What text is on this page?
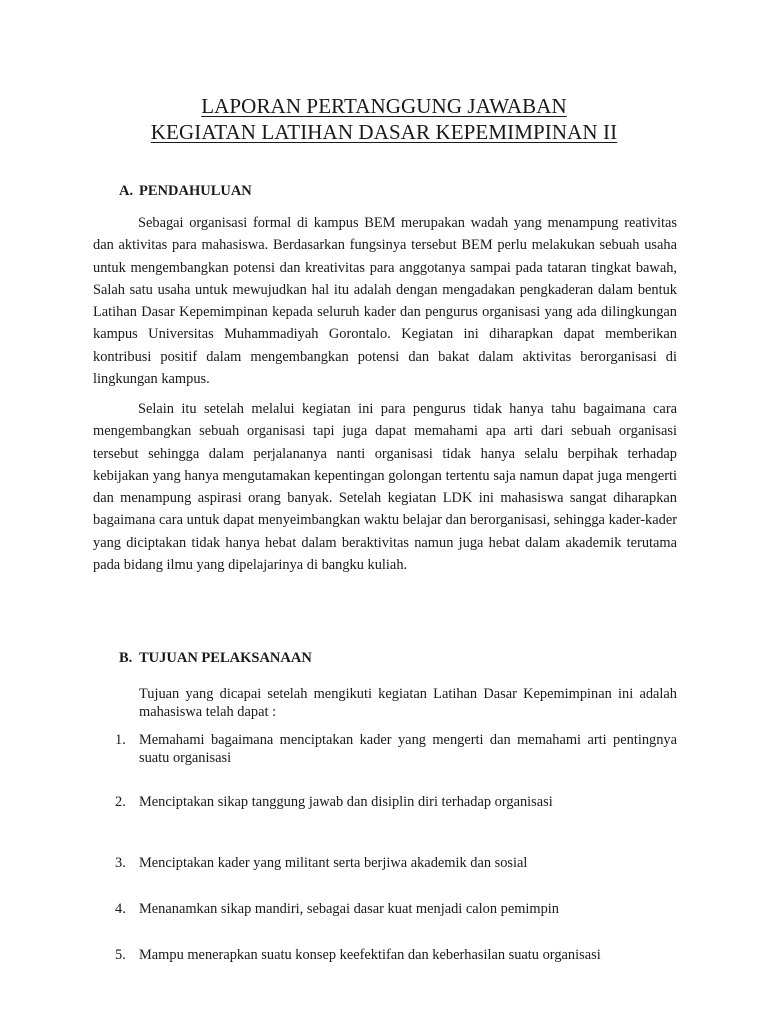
LAPORAN PERTANGGUNG JAWABAN
KEGIATAN LATIHAN DASAR KEPEMIMPINAN II
A. PENDAHULUAN

Sebagai organisasi formal di kampus BEM merupakan wadah yang menampung reativitas dan aktivitas para mahasiswa. Berdasarkan fungsinya tersebut BEM perlu melakukan sebuah usaha untuk mengembangkan potensi dan kreativitas para anggotanya sampai pada tataran tingkat bawah, Salah satu usaha untuk mewujudkan hal itu adalah dengan mengadakan pengkaderan dalam bentuk Latihan Dasar Kepemimpinan kepada seluruh kader dan pengurus organisasi yang ada dilingkungan kampus Universitas Muhammadiyah Gorontalo. Kegiatan ini diharapkan dapat memberikan kontribusi positif dalam mengembangkan potensi dan bakat dalam aktivitas berorganisasi di lingkungan kampus.

Selain itu setelah melalui kegiatan ini para pengurus tidak hanya tahu bagaimana cara mengembangkan sebuah organisasi tapi juga dapat memahami apa arti dari sebuah organisasi tersebut sehingga dalam perjalananya nanti organisasi tidak hanya selalu berpihak terhadap kebijakan yang hanya mengutamakan kepentingan golongan tertentu saja namun dapat juga mengerti dan menampung aspirasi orang banyak. Setelah kegiatan LDK ini mahasiswa sangat diharapkan bagaimana cara untuk dapat menyeimbangkan waktu belajar dan berorganisasi, sehingga kader-kader yang diciptakan tidak hanya hebat dalam beraktivitas namun juga hebat dalam akademik terutama pada bidang ilmu yang dipelajarinya di bangku kuliah.

B. TUJUAN PELAKSANAAN

Tujuan yang dicapai setelah mengikuti kegiatan Latihan Dasar Kepemimpinan ini adalah mahasiswa telah dapat :

1. Memahami bagaimana menciptakan kader yang mengerti dan memahami arti pentingnya suatu organisasi
2. Menciptakan sikap tanggung jawab dan disiplin diri terhadap organisasi
3. Menciptakan kader yang militant serta berjiwa akademik dan sosial
4. Menanamkan sikap mandiri, sebagai dasar kuat menjadi calon pemimpin
5. Mampu menerapkan suatu konsep keefektifan dan keberhasilan suatu organisasi
